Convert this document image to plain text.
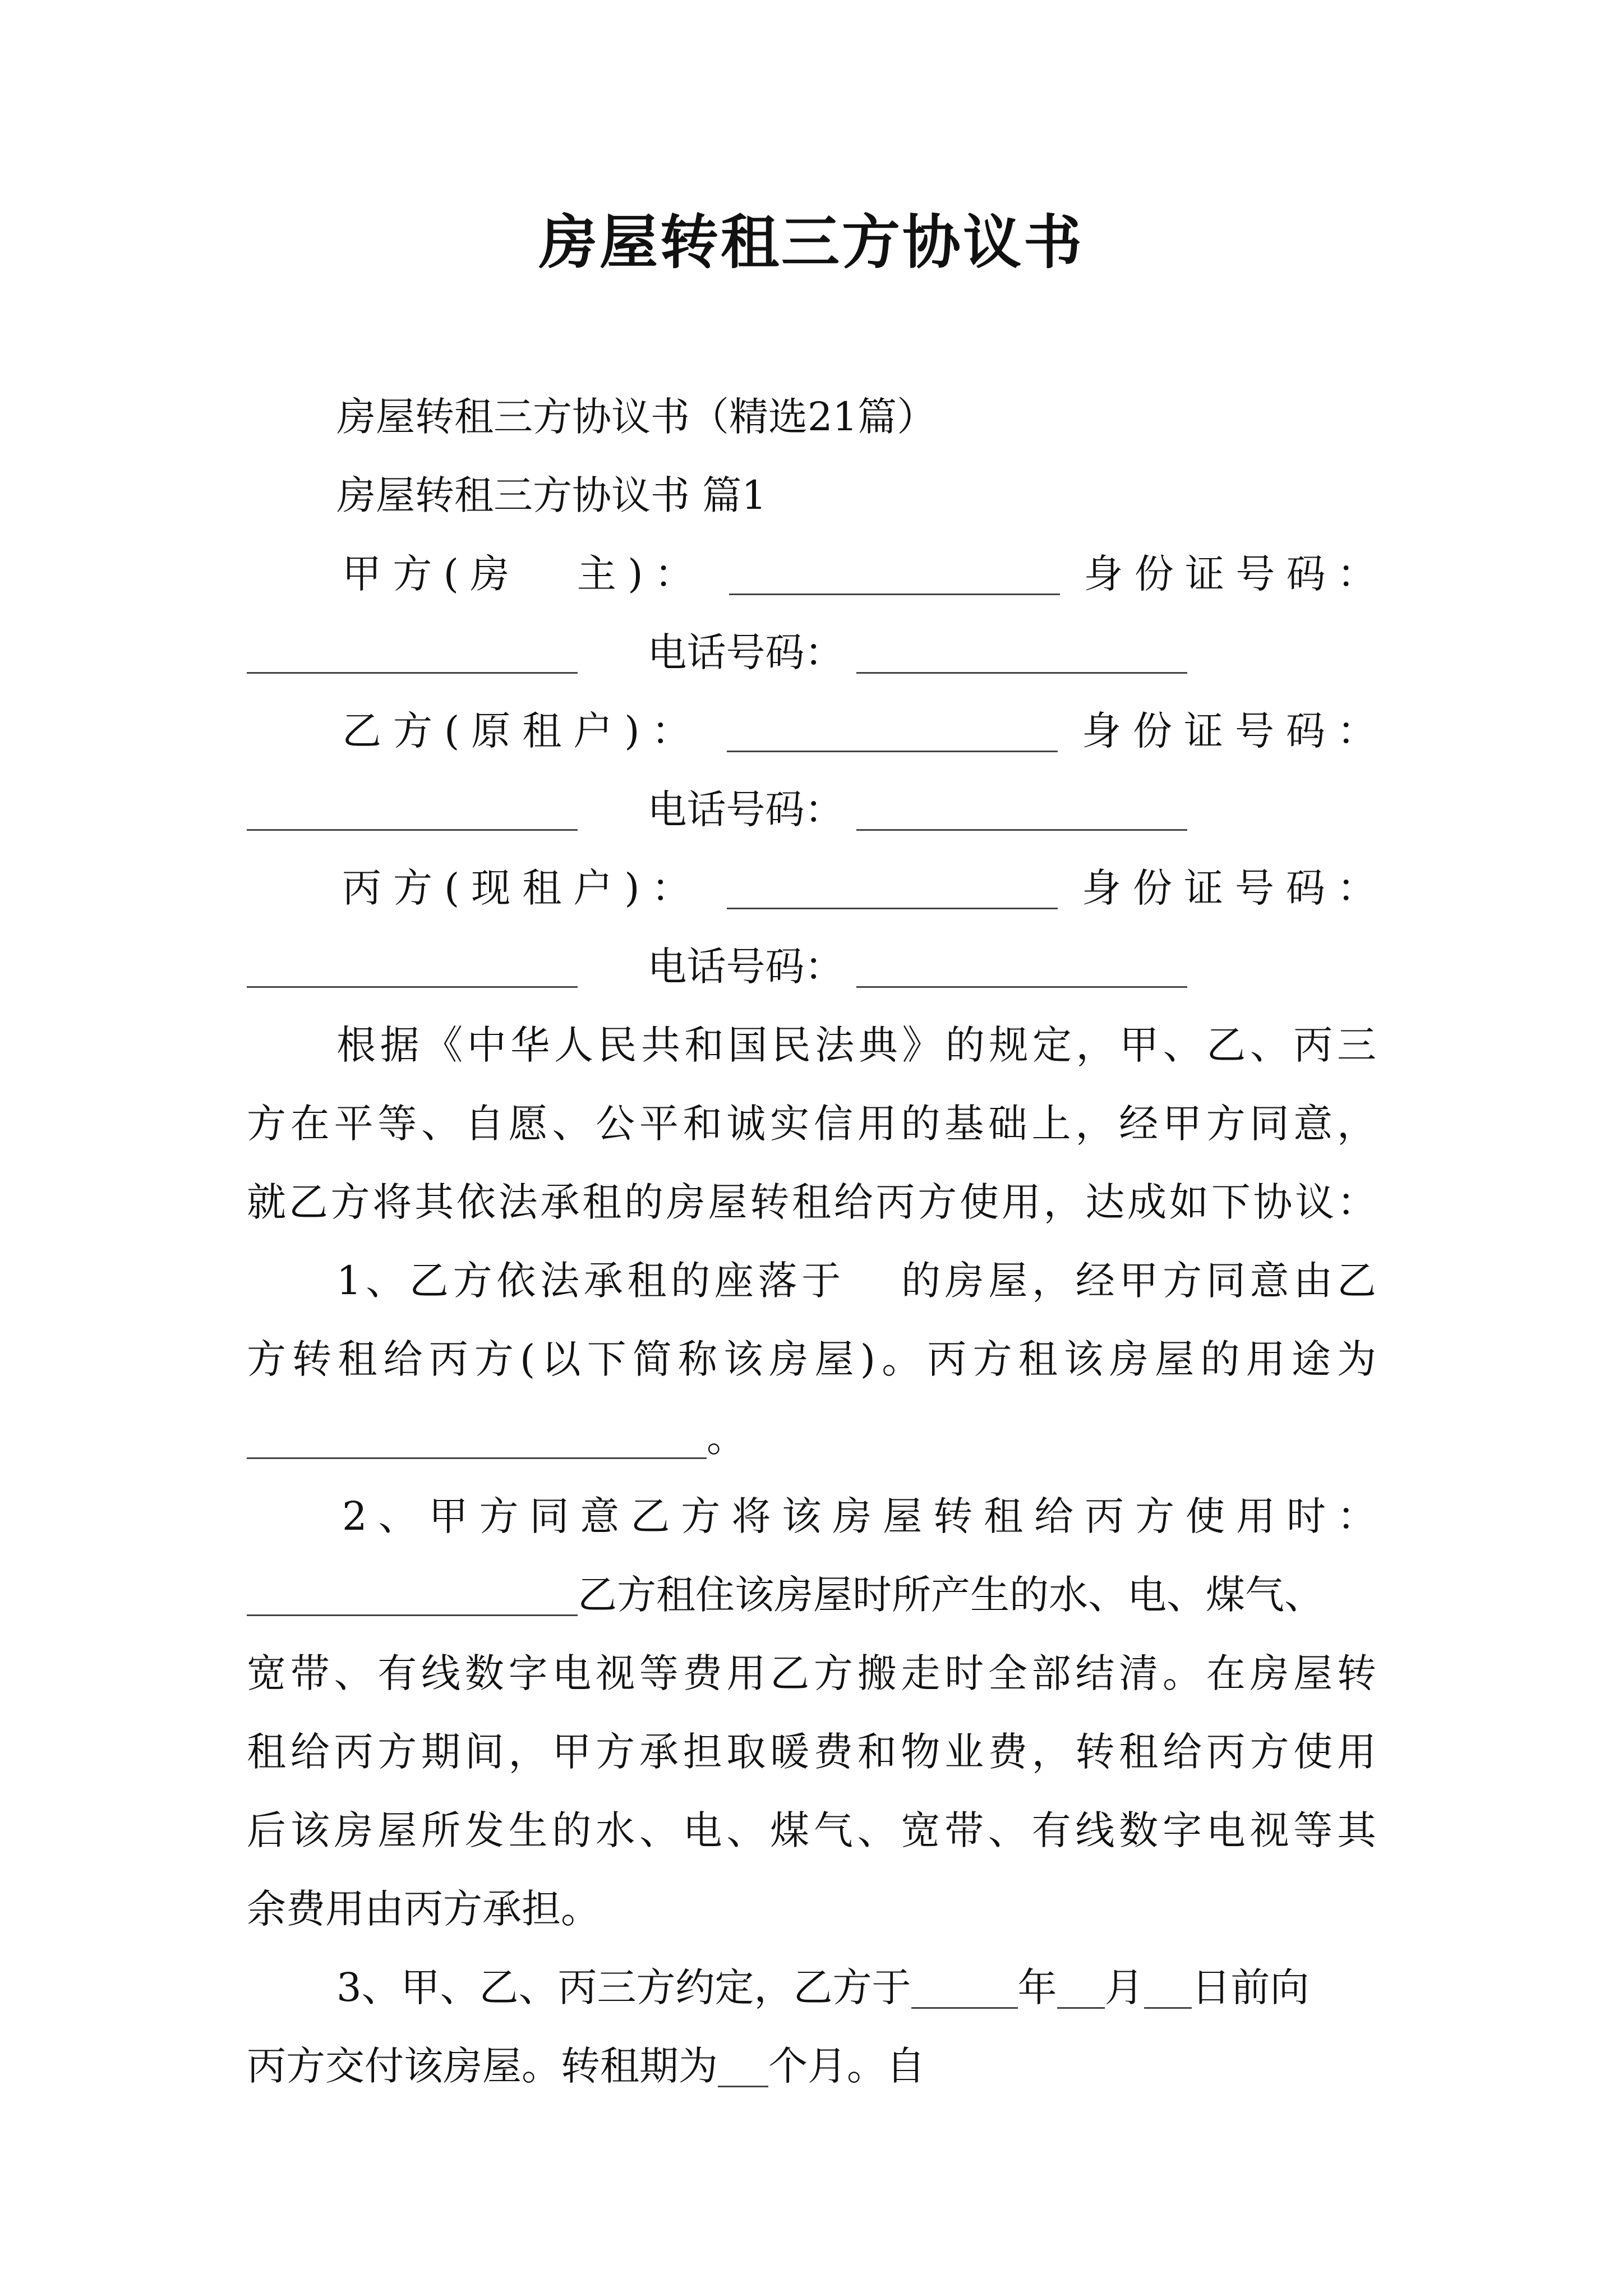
房屋转租三方协议书
房屋转租三方协议书（精选21篇）
房屋转租三方协议书 篇1
甲方(房 主)：	身份证号码：
电话号码：
乙方(原租户)：	身份证号码：
电话号码：
丙方(现租户)：	身份证号码：
电话号码：
根据《中华人民共和国民法典》的规定，甲、乙、丙三
方在平等、自愿、公平和诚实信用的基础上，经甲方同意，
就乙方将其依法承租的房屋转租给丙方使用，达成如下协议：
1、乙方依法承租的座落于 的房屋，经甲方同意由乙
方转租给丙方(以下简称该房屋)。丙方租该房屋的用途为
。
2、甲方同意乙方将该房屋转租给丙方使用时：
乙方租住该房屋时所产生的水、电、煤气、
宽带、有线数字电视等费用乙方搬走时全部结清。在房屋转
租给丙方期间，甲方承担取暖费和物业费，转租给丙方使用
后该房屋所发生的水、电、煤气、宽带、有线数字电视等其
余费用由丙方承担。
3、甲、乙、丙三方约定，乙方于	年 月 日前向
丙方交付该房屋。转租期为 个月。自
